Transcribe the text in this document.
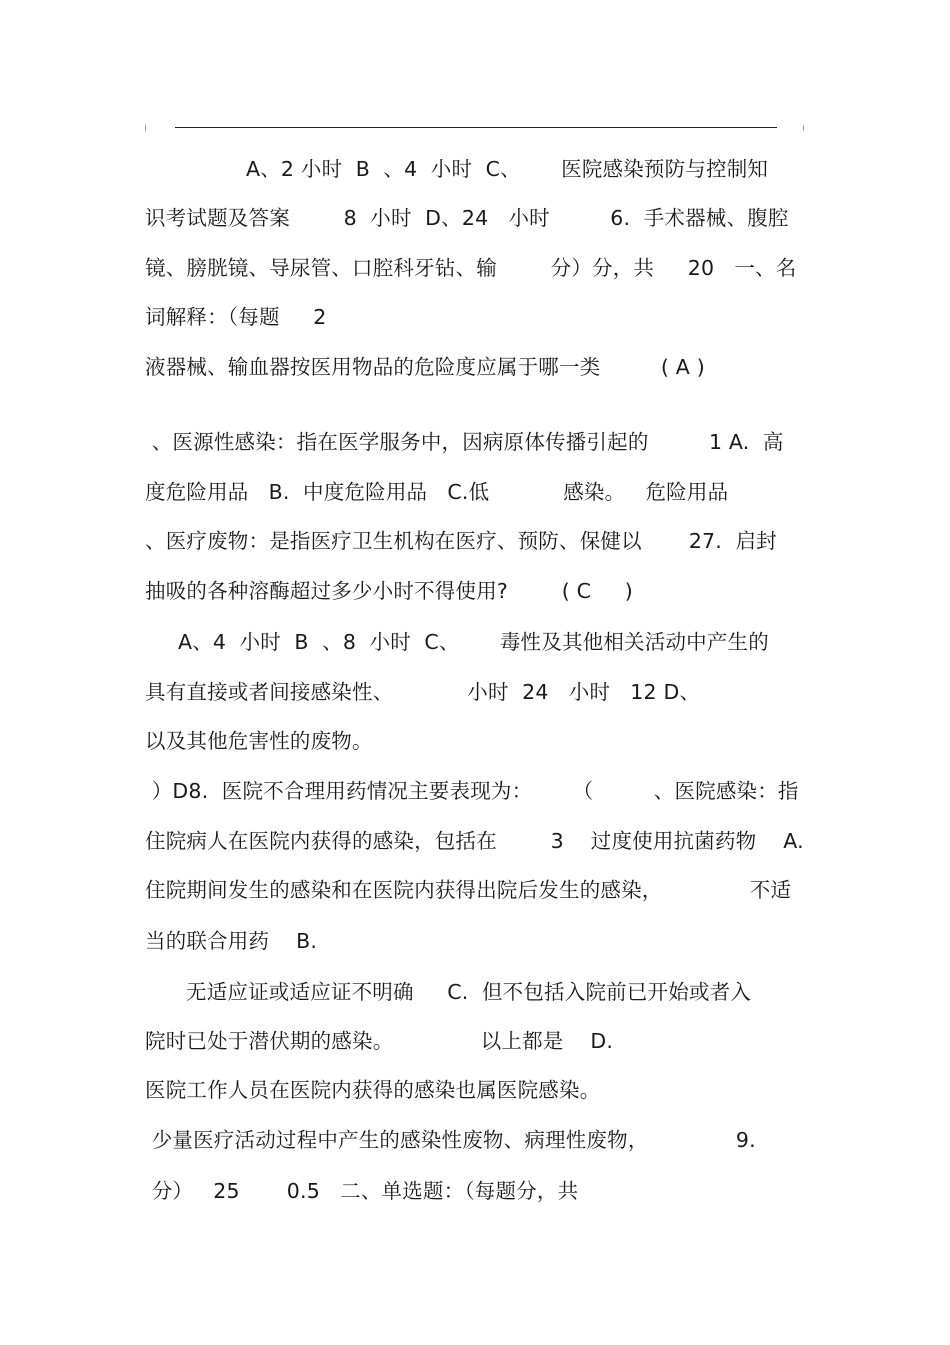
A、2 小时  B  、4  小时  C、      医院感染预防与控制知
识考试题及答案        8  小时  D、24   小时         6.  手术器械、腹腔
镜、膀胱镜、导尿管、口腔科牙钻、输        分）分，共     20   一、名
词解释：（每题     2
液器械、输血器按医用物品的危险度应属于哪一类         ( A )
、医源性感染：指在医学服务中，因病原体传播引起的         1 A.  高
度危险用品   B.  中度危险用品   C.低           感染。   危险用品
、医疗废物：是指医疗卫生机构在医疗、预防、保健以       27.  启封
抽吸的各种溶酶超过多少小时不得使用?        ( C     )
A、4  小时  B  、8  小时  C、      毒性及其他相关活动中产生的
具有直接或者间接感染性、           小时  24   小时   12 D、
以及其他危害性的废物。
）D8.  医院不合理用药情况主要表现为：      （         、医院感染：指
住院病人在医院内获得的感染，包括在        3    过度使用抗菌药物    A.
住院期间发生的感染和在医院内获得出院后发生的感染，             不适
当的联合用药    B.
无适应证或适应证不明确     C.  但不包括入院前已开始或者入
院时已处于潜伏期的感染。             以上都是    D.
医院工作人员在医院内获得的感染也属医院感染。
少量医疗活动过程中产生的感染性废物、病理性废物，             9.
分）   25       0.5   二、单选题：（每题分，共
